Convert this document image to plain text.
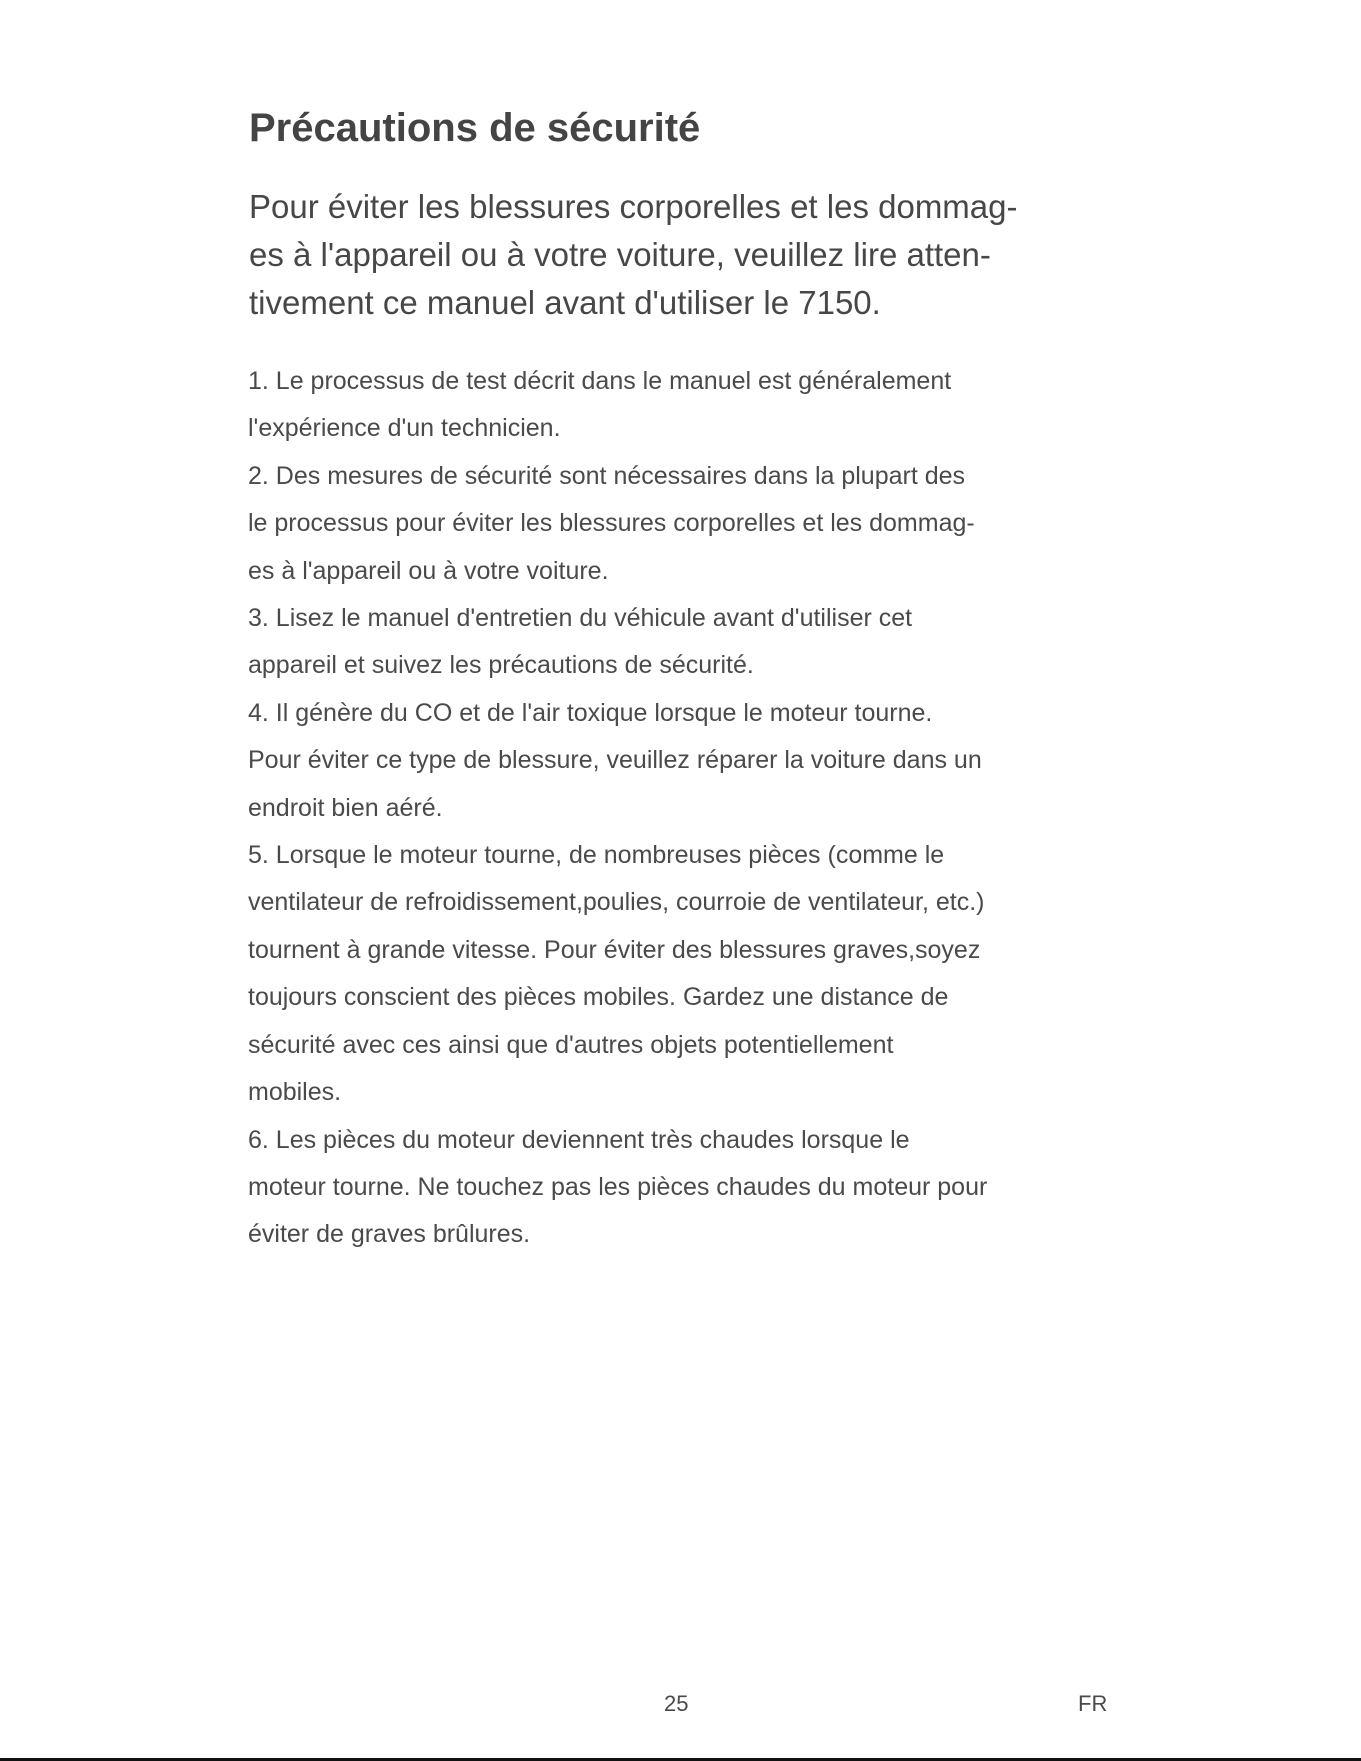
Précautions de sécurité

Pour éviter les blessures corporelles et les dommag-
es à l'appareil ou à votre voiture, veuillez lire atten-
tivement ce manuel avant d'utiliser le 7150.

1. Le processus de test décrit dans le manuel est généralement
l'expérience d'un technicien.
2. Des mesures de sécurité sont nécessaires dans la plupart des
le processus pour éviter les blessures corporelles et les dommag-
es à l'appareil ou à votre voiture.
3. Lisez le manuel d'entretien du véhicule avant d'utiliser cet
appareil et suivez les précautions de sécurité.
4. Il génère du CO et de l'air toxique lorsque le moteur tourne.
Pour éviter ce type de blessure, veuillez réparer la voiture dans un
endroit bien aéré.
5. Lorsque le moteur tourne, de nombreuses pièces (comme le
ventilateur de refroidissement,poulies, courroie de ventilateur, etc.)
tournent à grande vitesse. Pour éviter des blessures graves,soyez
toujours conscient des pièces mobiles. Gardez une distance de
sécurité avec ces ainsi que d'autres objets potentiellement
mobiles.
6. Les pièces du moteur deviennent très chaudes lorsque le
moteur tourne. Ne touchez pas les pièces chaudes du moteur pour
éviter de graves brûlures.

25	FR
